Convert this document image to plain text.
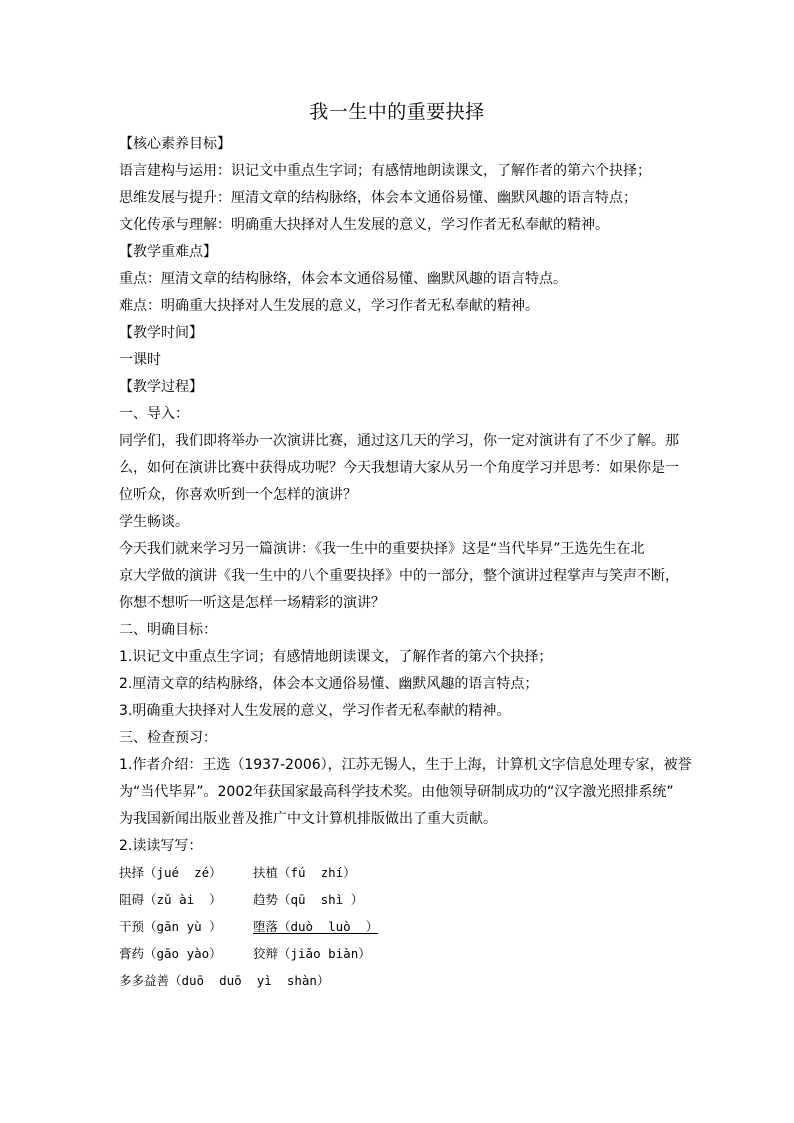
我一生中的重要抉择
【核心素养目标】
语言建构与运用：识记文中重点生字词；有感情地朗读课文，了解作者的第六个抉择；
思维发展与提升：厘清文章的结构脉络，体会本文通俗易懂、幽默风趣的语言特点；
文化传承与理解：明确重大抉择对人生发展的意义，学习作者无私奉献的精神。
【教学重难点】
重点：厘清文章的结构脉络，体会本文通俗易懂、幽默风趣的语言特点。
难点：明确重大抉择对人生发展的意义，学习作者无私奉献的精神。
【教学时间】
一课时
【教学过程】
一、导入：
同学们，我们即将举办一次演讲比赛，通过这几天的学习，你一定对演讲有了不少了解。那
么，如何在演讲比赛中获得成功呢？今天我想请大家从另一个角度学习并思考：如果你是一
位听众，你喜欢听到一个怎样的演讲？
学生畅谈。
今天我们就来学习另一篇演讲：《我一生中的重要抉择》这是“当代毕昇”王选先生在北
京大学做的演讲《我一生中的八个重要抉择》中的一部分，整个演讲过程掌声与笑声不断，
你想不想听一听这是怎样一场精彩的演讲？
二、明确目标：
1.识记文中重点生字词；有感情地朗读课文，了解作者的第六个抉择；
2.厘清文章的结构脉络，体会本文通俗易懂、幽默风趣的语言特点；
3.明确重大抉择对人生发展的意义，学习作者无私奉献的精神。
三、检查预习：
1.作者介绍：王选（1937-2006），江苏无锡人，生于上海，计算机文字信息处理专家，被誉
为“当代毕昇”。2002年获国家最高科学技术奖。由他领导研制成功的“汉字激光照排系统”
为我国新闻出版业普及推广中文计算机排版做出了重大贡献。
2.读读写写：
抉择（jué  zé）	扶植（fú  zhí）
阻碍（zǔ ài  ）	趋势（qū  shì ）
干预（gān yù ）	堕落（duò  luò  ）
膏药（gāo yào）	狡辩（jiǎo biàn）
多多益善（duō  duō  yì  shàn）
